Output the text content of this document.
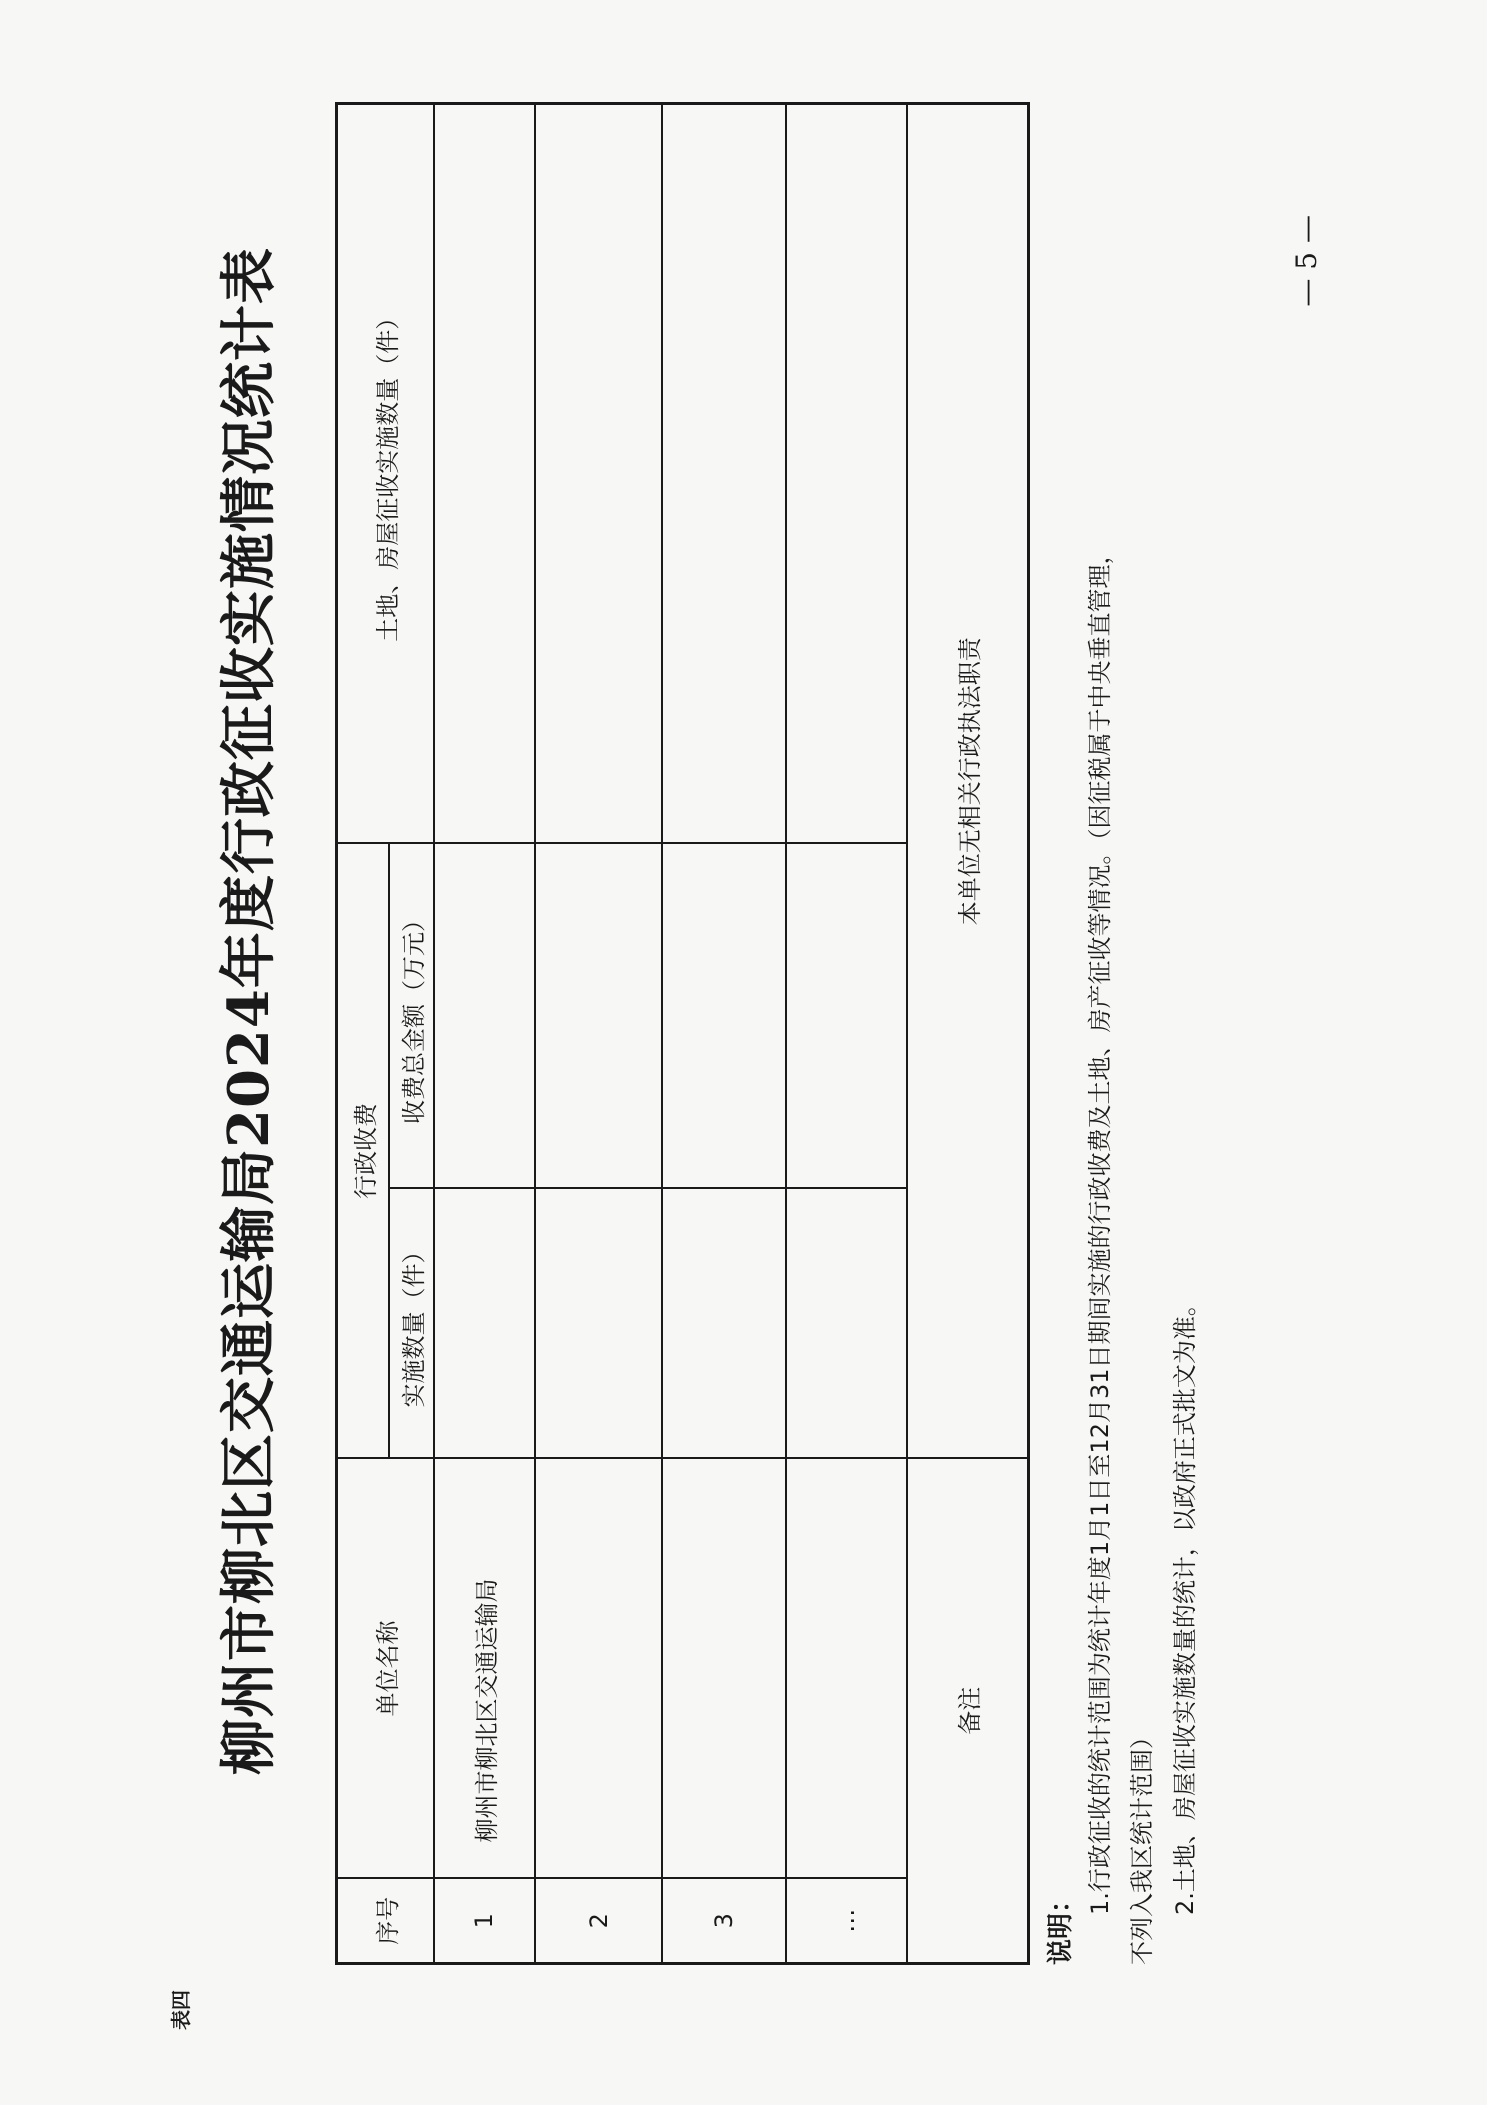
表四
柳州市柳北区交通运输局2024年度行政征收实施情况统计表
序号	单位名称	行政收费		土地、房屋征收实施数量（件）
		实施数量（件）	收费总金额（万元）	
1	柳州市柳北区交通运输局			
2				
3				
…				
备注		本单位无相关行政执法职责		
说明：
1.行政征收的统计范围为统计年度1月1日至12月31日期间实施的行政收费及土地、房产征收等情况。（因征税属于中央垂直管理， 不列入我区统计范围） 2.土地、房屋征收实施数量的统计，以政府正式批文为准。
— 5 —
